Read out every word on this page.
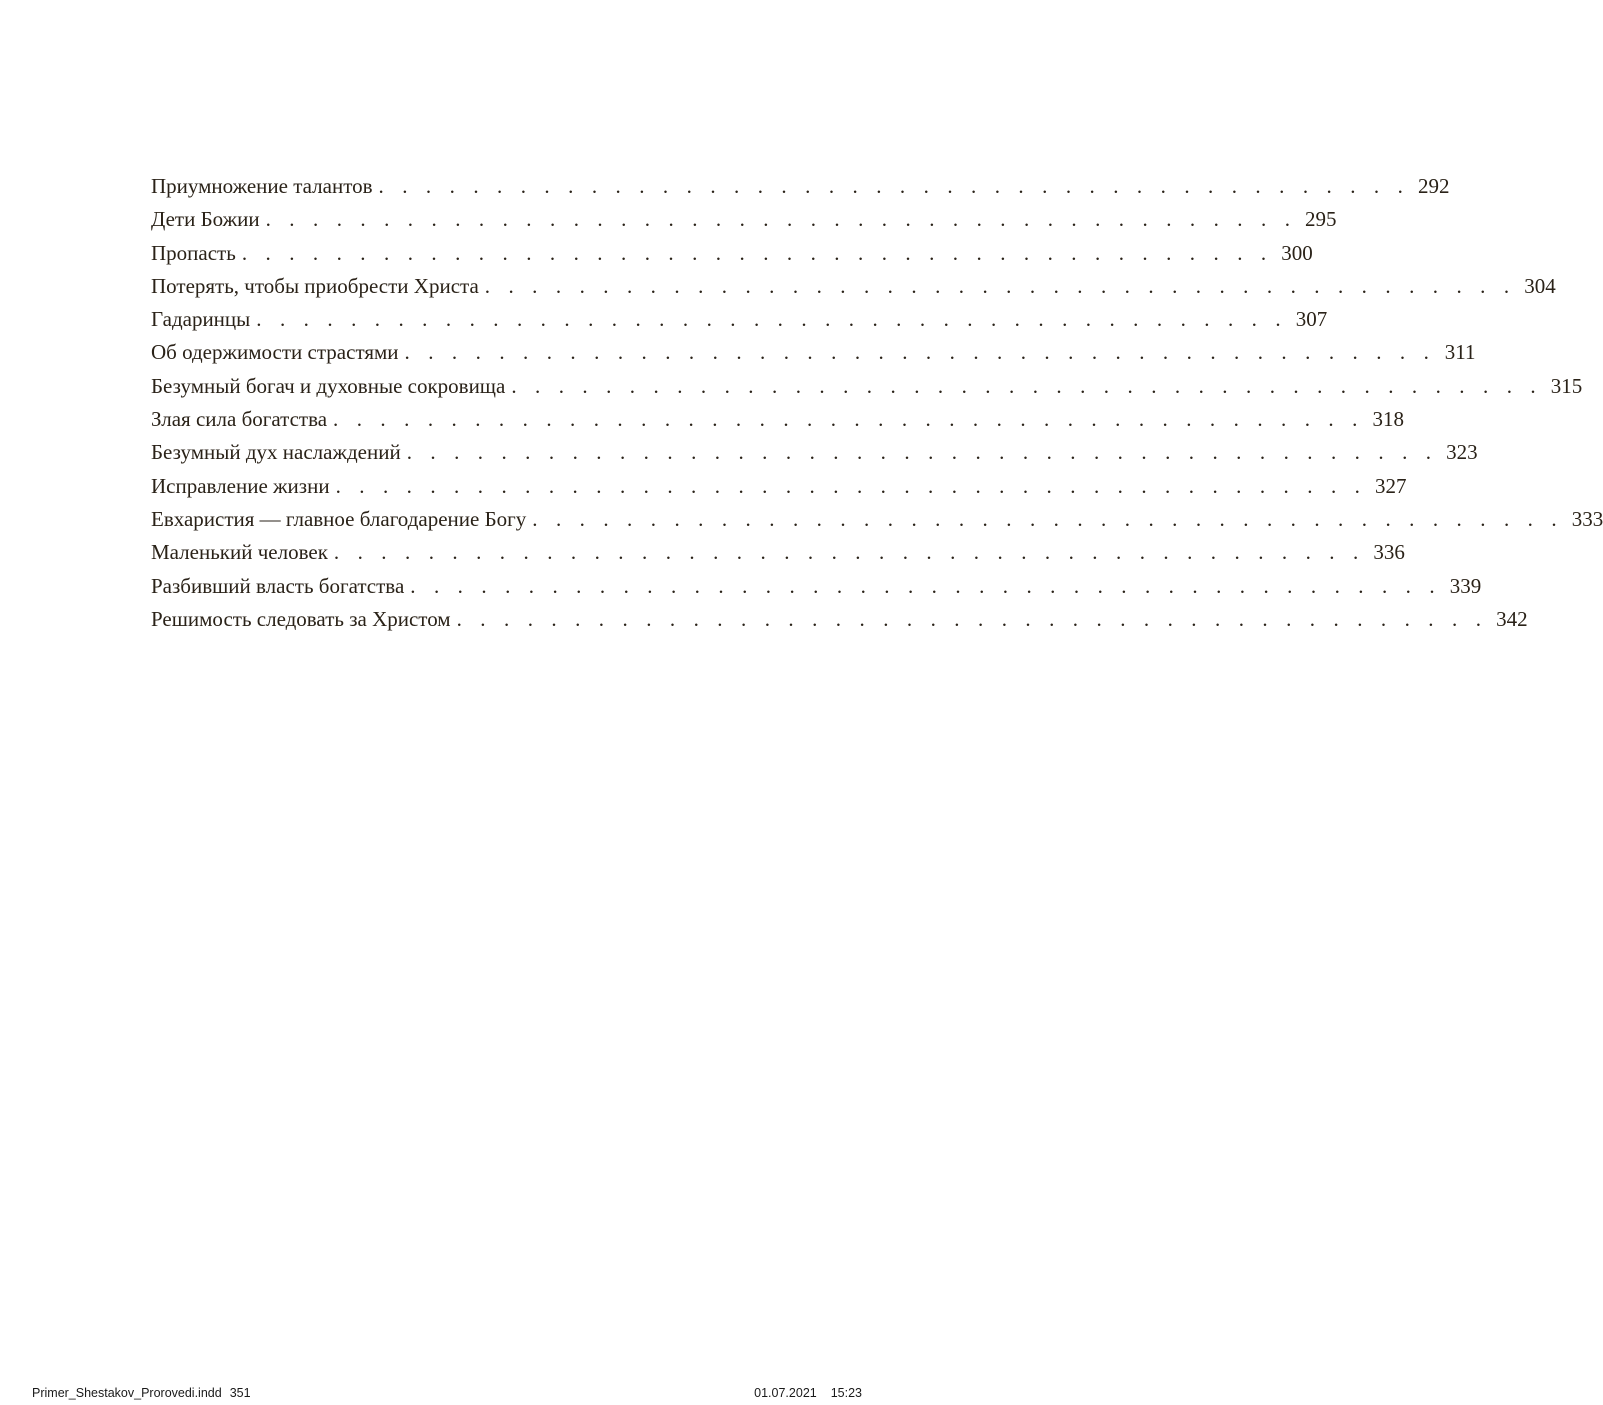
Приумножение талантов . . . . . . . . . . . . . . . . . . . . . . . . . . . . . . . . . . . . . . . . . . . . 292
Дети Божии . . . . . . . . . . . . . . . . . . . . . . . . . . . . . . . . . . . . . . . . . . . . 295
Пропасть . . . . . . . . . . . . . . . . . . . . . . . . . . . . . . . . . . . . . . . . . . . . 300
Потерять, чтобы приобрести Христа . . . . . . . . . . . . . . . . . . . . . . . . . . . . . . . . . . . . . . . . . . . . 304
Гадаринцы . . . . . . . . . . . . . . . . . . . . . . . . . . . . . . . . . . . . . . . . . . . . 307
Об одержимости страстями . . . . . . . . . . . . . . . . . . . . . . . . . . . . . . . . . . . . . . . . . . . . 311
Безумный богач и духовные сокровища . . . . . . . . . . . . . . . . . . . . . . . . . . . . . . . . . . . . . . . . . . . . 315
Злая сила богатства . . . . . . . . . . . . . . . . . . . . . . . . . . . . . . . . . . . . . . . . . . . . 318
Безумный дух наслаждений . . . . . . . . . . . . . . . . . . . . . . . . . . . . . . . . . . . . . . . . . . . . 323
Исправление жизни . . . . . . . . . . . . . . . . . . . . . . . . . . . . . . . . . . . . . . . . . . . . 327
Евхаристия — главное благодарение Богу . . . . . . . . . . . . . . . . . . . . . . . . . . . . . . . . . . . . . . . . . . . . 333
Маленький человек . . . . . . . . . . . . . . . . . . . . . . . . . . . . . . . . . . . . . . . . . . . . 336
Разбивший власть богатства . . . . . . . . . . . . . . . . . . . . . . . . . . . . . . . . . . . . . . . . . . . . 339
Решимость следовать за Христом . . . . . . . . . . . . . . . . . . . . . . . . . . . . . . . . . . . . . . . . . . . . 342
Primer_Shestakov_Prorovedi.indd 351	01.07.2021 15:23
